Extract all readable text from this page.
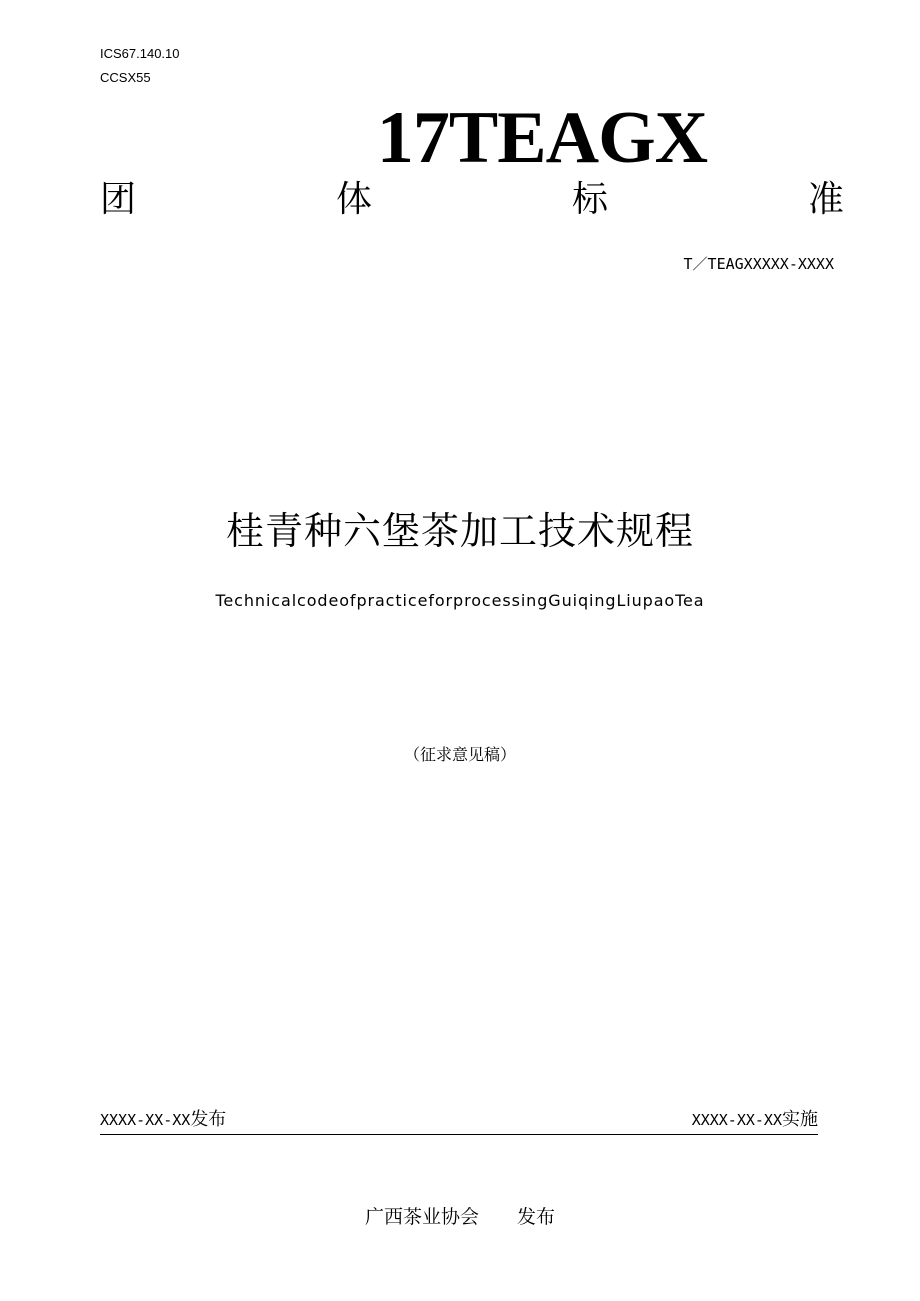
ICS67.140.10
CCSX55
17TEAGX
团	体	标	准
T／TEAGXXXXX-XXXX
桂青种六堡茶加工技术规程
TechnicalcodeofpracticeforprocessingGuiqingLiupaoTea
（征求意见稿）
XXXX-XX-XX发布	XXXX-XX-XX实施
广西茶业协会 发布
